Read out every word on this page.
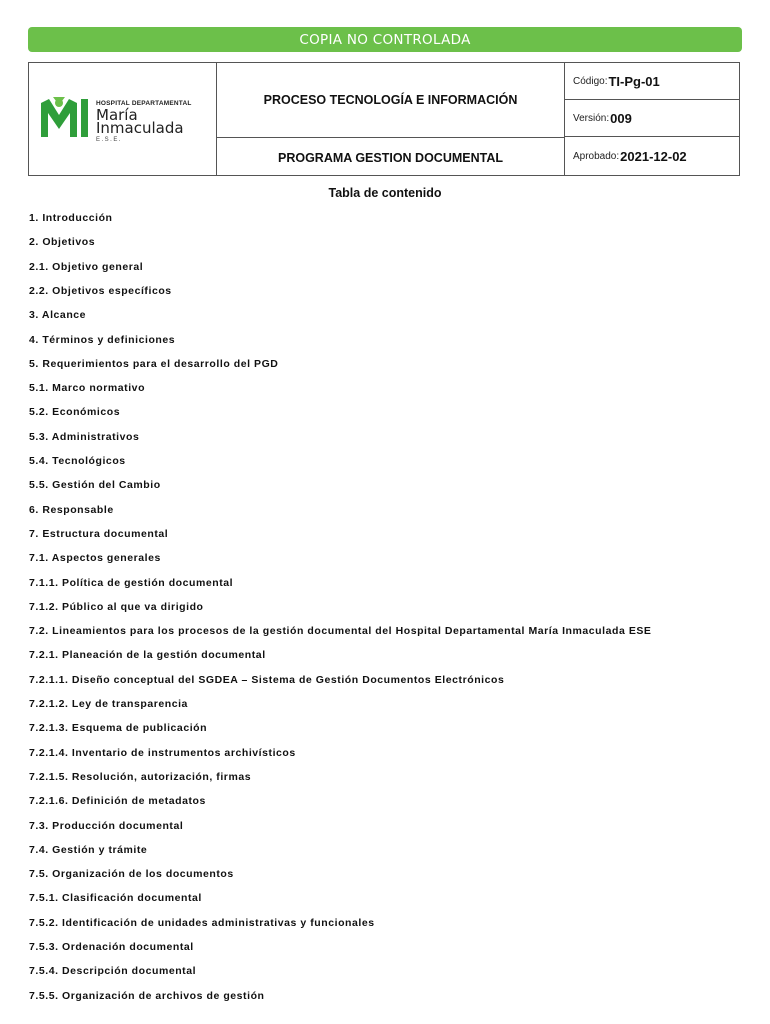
COPIA NO CONTROLADA
HOSPITAL DEPARTAMENTAL
María
Inmaculada
E.S.E.
PROCESO TECNOLOGÍA E INFORMACIÓN
PROGRAMA GESTION DOCUMENTAL
Código: TI-Pg-01
Versión: 009
Aprobado: 2021-12-02
Tabla de contenido
1. Introducción
2. Objetivos
2.1. Objetivo general
2.2. Objetivos específicos
3. Alcance
4. Términos y definiciones
5. Requerimientos para el desarrollo del PGD
5.1. Marco normativo
5.2. Económicos
5.3. Administrativos
5.4. Tecnológicos
5.5. Gestión del Cambio
6. Responsable
7. Estructura documental
7.1. Aspectos generales
7.1.1. Política de gestión documental
7.1.2. Público al que va dirigido
7.2. Lineamientos para los procesos de la gestión documental del Hospital Departamental María Inmaculada ESE
7.2.1. Planeación de la gestión documental
7.2.1.1. Diseño conceptual del SGDEA – Sistema de Gestión Documentos Electrónicos
7.2.1.2. Ley de transparencia
7.2.1.3. Esquema de publicación
7.2.1.4. Inventario de instrumentos archivísticos
7.2.1.5. Resolución, autorización, firmas
7.2.1.6. Definición de metadatos
7.3. Producción documental
7.4. Gestión y trámite
7.5. Organización de los documentos
7.5.1. Clasificación documental
7.5.2. Identificación de unidades administrativas y funcionales
7.5.3. Ordenación documental
7.5.4. Descripción documental
7.5.5. Organización de archivos de gestión
